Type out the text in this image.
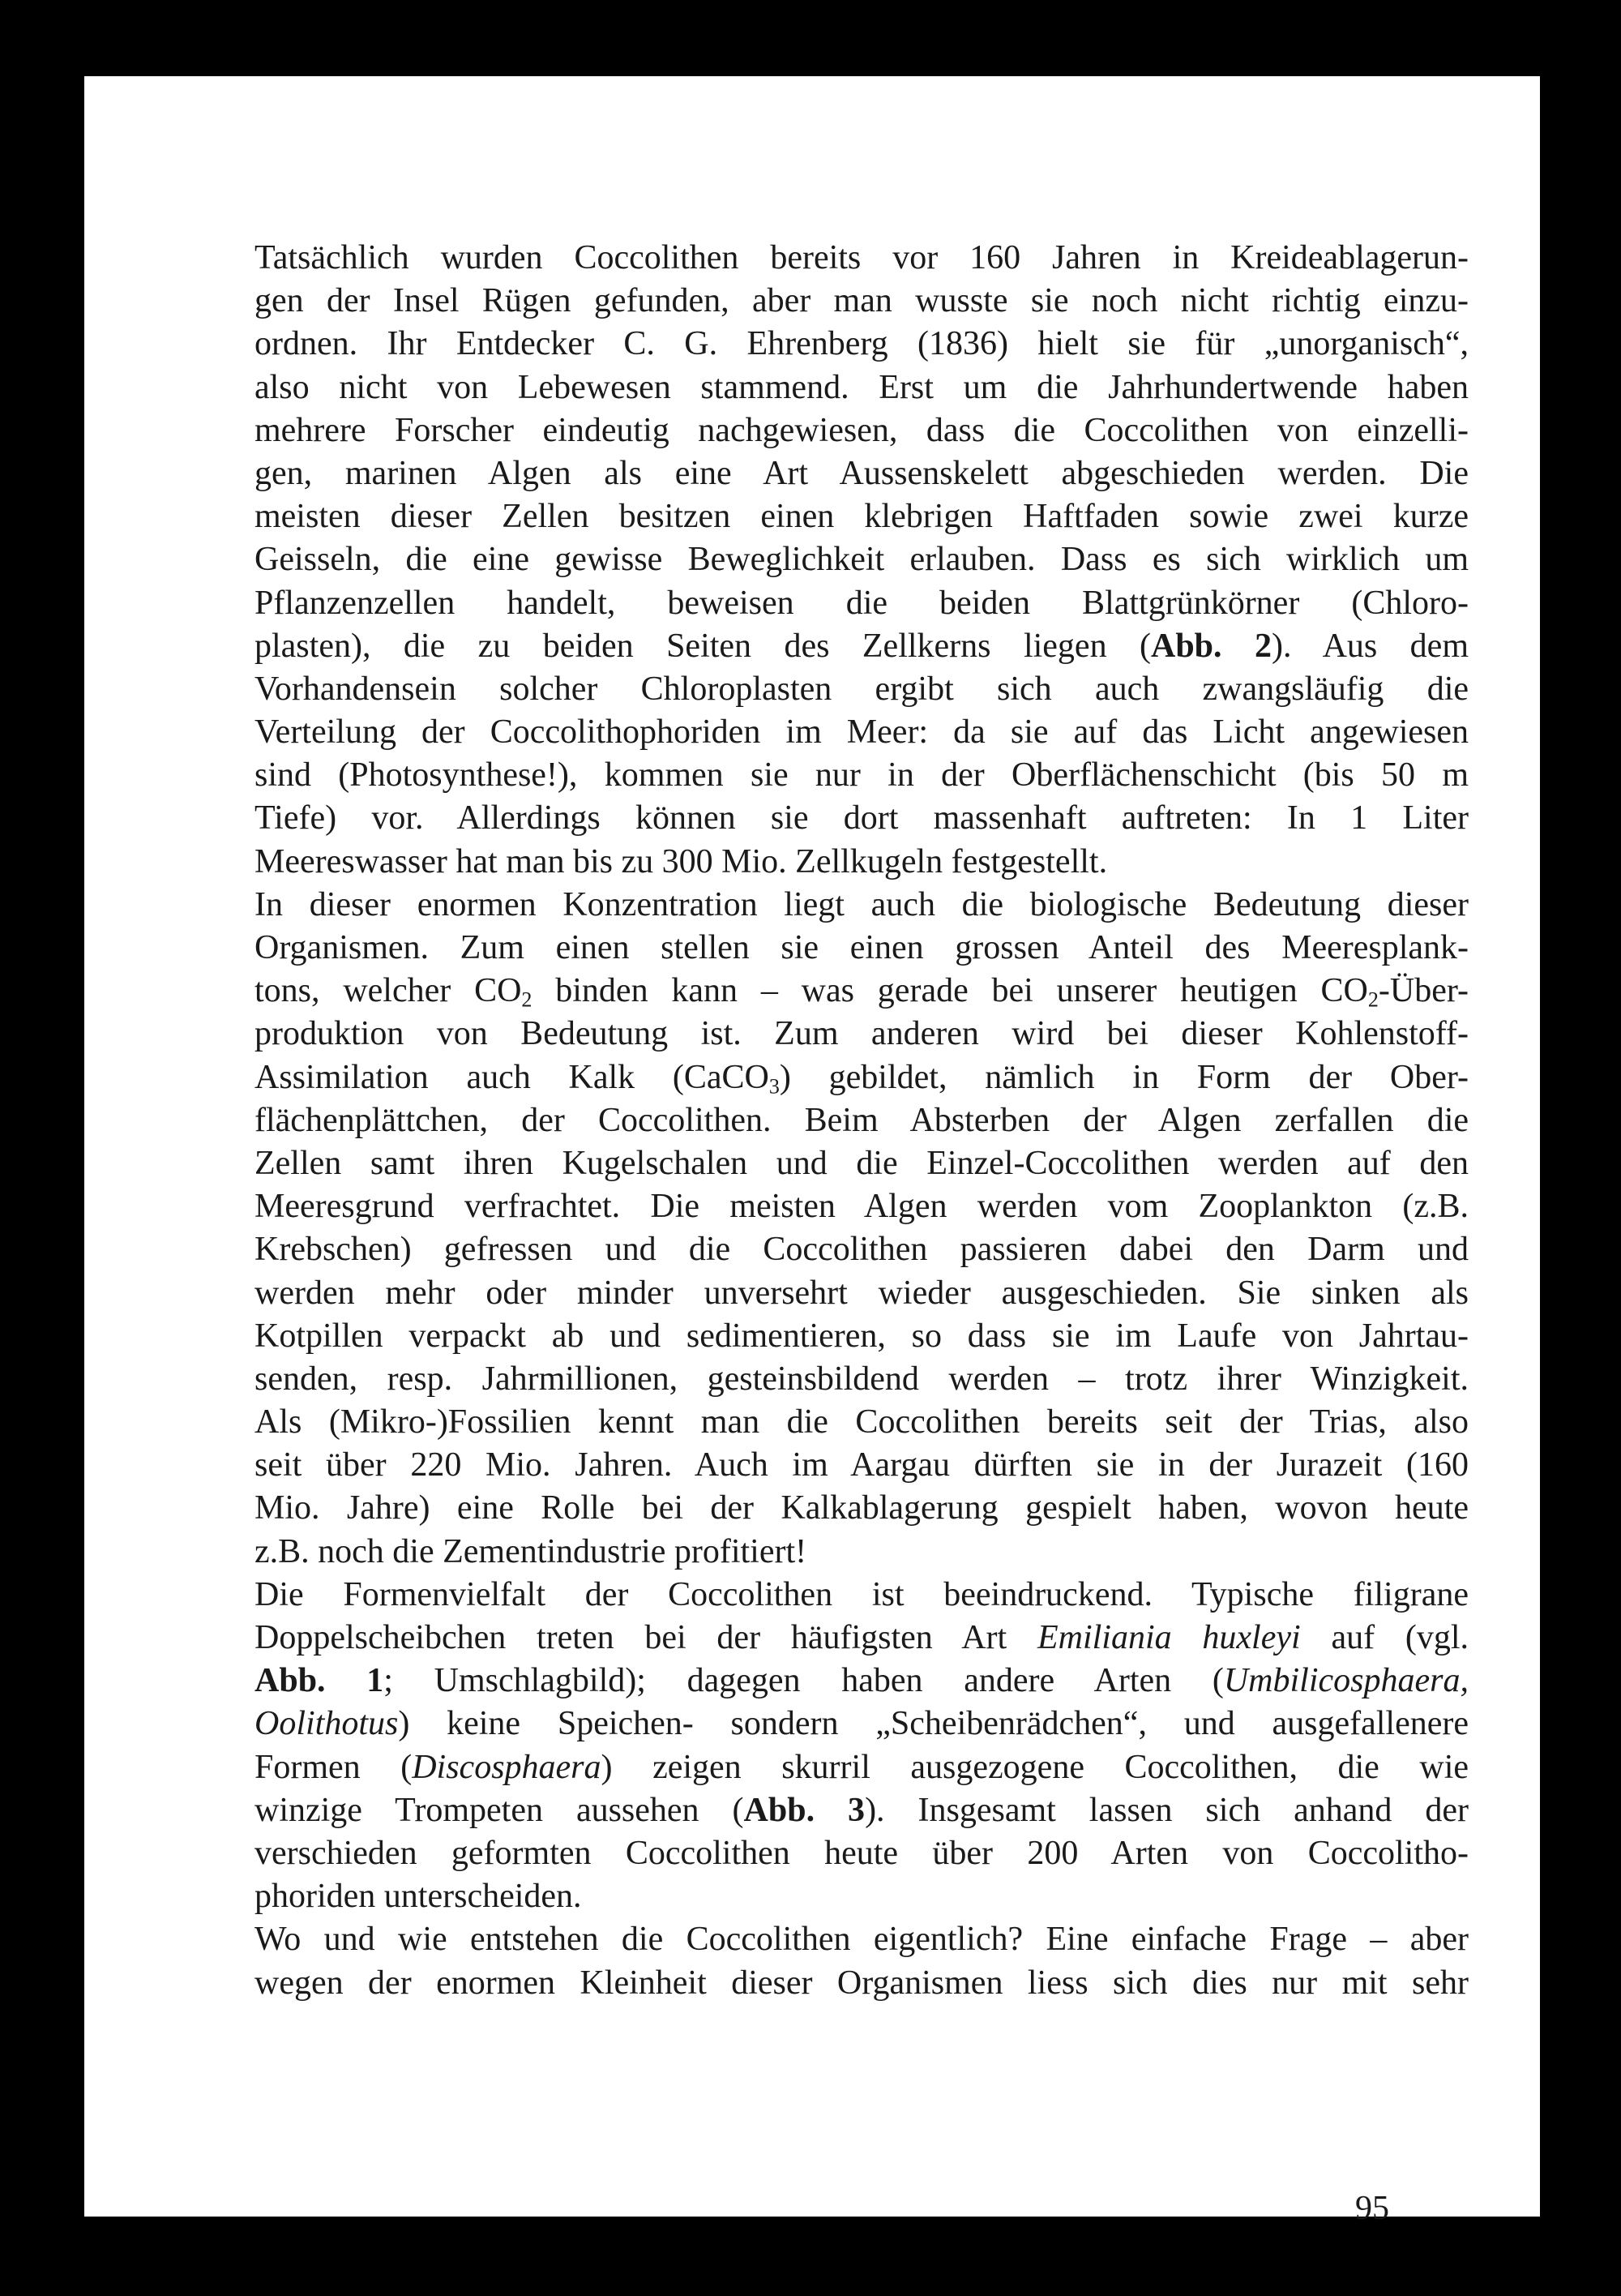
Tatsächlich wurden Coccolithen bereits vor 160 Jahren in Kreideablagerun-
gen der Insel Rügen gefunden, aber man wusste sie noch nicht richtig einzu-
ordnen. Ihr Entdecker C. G. Ehrenberg (1836) hielt sie für „unorganisch“,
also nicht von Lebewesen stammend. Erst um die Jahrhundertwende haben
mehrere Forscher eindeutig nachgewiesen, dass die Coccolithen von einzelli-
gen, marinen Algen als eine Art Aussenskelett abgeschieden werden. Die
meisten dieser Zellen besitzen einen klebrigen Haftfaden sowie zwei kurze
Geisseln, die eine gewisse Beweglichkeit erlauben. Dass es sich wirklich um
Pflanzenzellen handelt, beweisen die beiden Blattgrünkörner (Chloro-
plasten), die zu beiden Seiten des Zellkerns liegen (Abb. 2). Aus dem
Vorhandensein solcher Chloroplasten ergibt sich auch zwangsläufig die
Verteilung der Coccolithophoriden im Meer: da sie auf das Licht angewiesen
sind (Photosynthese!), kommen sie nur in der Oberflächenschicht (bis 50 m
Tiefe) vor. Allerdings können sie dort massenhaft auftreten: In 1 Liter
Meereswasser hat man bis zu 300 Mio. Zellkugeln festgestellt.
In dieser enormen Konzentration liegt auch die biologische Bedeutung dieser
Organismen. Zum einen stellen sie einen grossen Anteil des Meeresplank-
tons, welcher $CO_2$ binden kann – was gerade bei unserer heutigen $CO_2-Über-$
produktion von Bedeutung ist. Zum anderen wird bei dieser Kohlenstoff-
Assimilation auch Kalk (CaCO$_3$) gebildet, nämlich in Form der Ober-
flächenplättchen, der Coccolithen. Beim Absterben der Algen zerfallen die
Zellen samt ihren Kugelschalen und die Einzel-Coccolithen werden auf den
Meeresgrund verfrachtet. Die meisten Algen werden vom Zooplankton (z.B.
Krebschen) gefressen und die Coccolithen passieren dabei den Darm und
werden mehr oder minder unversehrt wieder ausgeschieden. Sie sinken als
Kotpillen verpackt ab und sedimentieren, so dass sie im Laufe von Jahrtau-
senden, resp. Jahrmillionen, gesteinsbildend werden – trotz ihrer Winzigkeit.
Als (Mikro-)Fossilien kennt man die Coccolithen bereits seit der Trias, also
seit über 220 Mio. Jahren. Auch im Aargau dürften sie in der Jurazeit (160
Mio. Jahre) eine Rolle bei der Kalkablagerung gespielt haben, wovon heute
z.B. noch die Zementindustrie profitiert!
Die Formenvielfalt der Coccolithen ist beeindruckend. Typische filigrane
Doppelscheibchen treten bei der häufigsten Art Emiliania huxleyi auf (vgl.
Abb. 1; Umschlagbild); dagegen haben andere Arten (Umbilicosphaera,
Oolithotus) keine Speichen- sondern „Scheibenrädchen“, und ausgefallenere
Formen (Discosphaera) zeigen skurril ausgezogene Coccolithen, die wie
winzige Trompeten aussehen (Abb. 3). Insgesamt lassen sich anhand der
verschieden geformten Coccolithen heute über 200 Arten von Coccolitho-
phoriden unterscheiden.
Wo und wie entstehen die Coccolithen eigentlich? Eine einfache Frage – aber
wegen der enormen Kleinheit dieser Organismen liess sich dies nur mit sehr
95
